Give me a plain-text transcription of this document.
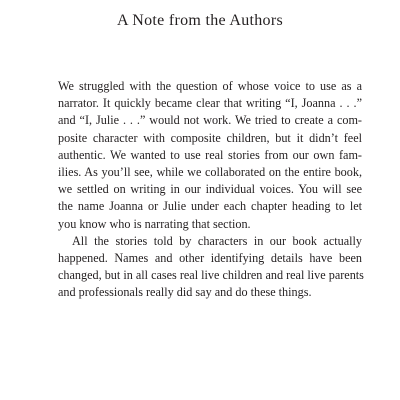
A Note from the Authors
We struggled with the question of whose voice to use as a
narrator. It quickly became clear that writing “I, Joanna . . .”
and “I, Julie . . .” would not work. We tried to create a com-
posite character with composite children, but it didn’t feel
authentic. We wanted to use real stories from our own fam-
ilies. As you’ll see, while we collaborated on the entire book,
we settled on writing in our individual voices. You will see
the name Joanna or Julie under each chapter heading to let
you know who is narrating that section.
All the stories told by characters in our book actually
happened. Names and other identifying details have been
changed, but in all cases real live children and real live parents
and professionals really did say and do these things.
